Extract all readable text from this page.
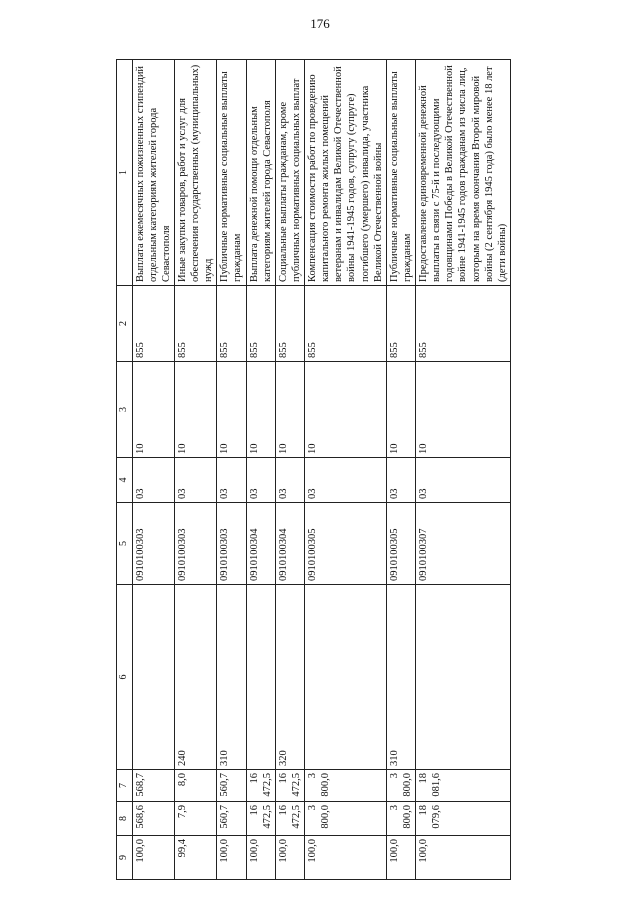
176
9	8	7	6	5	4	3	2	1
100,0	568,6	568,7		0910100303	03	10	855	Выплата ежемесячных пожизненных стипендий отдельным категориям жителей города Севастополя
99,4	7,9	8,0	240	0910100303	03	10	855	Иные закупки товаров, работ и услуг для обеспечения государственных (муниципальных) нужд
100,0	560,7	560,7	310	0910100303	03	10	855	Публичные нормативные социальные выплаты гражданам
100,0	16 472,5	16 472,5		0910100304	03	10	855	Выплата денежной помощи отдельным категориям жителей города Севастополя
100,0	16 472,5	16 472,5	320	0910100304	03	10	855	Социальные выплаты гражданам, кроме публичных нормативных социальных выплат
100,0	3 800,0	3 800,0		0910100305	03	10	855	Компенсация стоимости работ по проведению капитального ремонта жилых помещений ветеранам и инвалидам Великой Отечественной войны 1941-1945 годов, супругу (супруге) погибшего (умершего) инвалида, участника Великой Отечественной войны
100,0	3 800,0	3 800,0	310	0910100305	03	10	855	Публичные нормативные социальные выплаты гражданам
100,0	18 079,6	18 081,6		0910100307	03	10	855	Предоставление единовременной денежной выплаты в связи с 75-й и последующими годовщинами Победы в Великой Отечественной войне 1941-1945 годов гражданам из числа лиц, которым на время окончания Второй мировой войны (2 сентября 1945 года) было менее 18 лет (дети войны)
